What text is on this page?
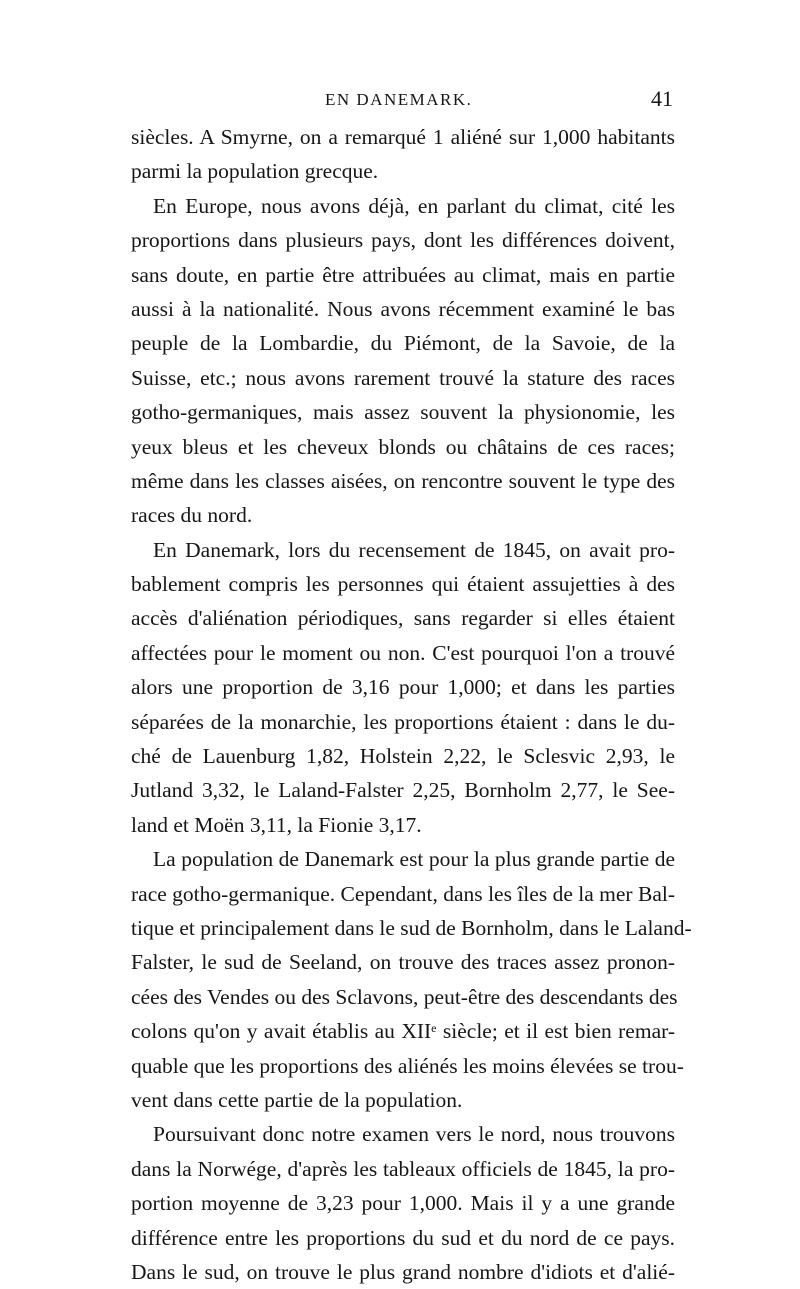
EN DANEMARK.	41
siècles. A Smyrne, on a remarqué 1 aliéné sur 1,000 habitants
parmi la population grecque.
En Europe, nous avons déjà, en parlant du climat, cité les
proportions dans plusieurs pays, dont les différences doivent,
sans doute, en partie être attribuées au climat, mais en partie
aussi à la nationalité. Nous avons récemment examiné le bas
peuple de la Lombardie, du Piémont, de la Savoie, de la
Suisse, etc.; nous avons rarement trouvé la stature des races
gotho-germaniques, mais assez souvent la physionomie, les
yeux bleus et les cheveux blonds ou châtains de ces races;
même dans les classes aisées, on rencontre souvent le type des
races du nord.
En Danemark, lors du recensement de 1845, on avait pro-
bablement compris les personnes qui étaient assujetties à des
accès d'aliénation périodiques, sans regarder si elles étaient
affectées pour le moment ou non. C'est pourquoi l'on a trouvé
alors une proportion de 3,16 pour 1,000; et dans les parties
séparées de la monarchie, les proportions étaient : dans le du-
ché de Lauenburg 1,82, Holstein 2,22, le Sclesvic 2,93, le
Jutland 3,32, le Laland-Falster 2,25, Bornholm 2,77, le See-
land et Moën 3,11, la Fionie 3,17.
La population de Danemark est pour la plus grande partie de
race gotho-germanique. Cependant, dans les îles de la mer Bal-
tique et principalement dans le sud de Bornholm, dans le Laland-
Falster, le sud de Seeland, on trouve des traces assez pronon-
cées des Vendes ou des Sclavons, peut-être des descendants des
colons qu'on y avait établis au XIIe siècle; et il est bien remar-
quable que les proportions des aliénés les moins élevées se trou-
vent dans cette partie de la population.
Poursuivant donc notre examen vers le nord, nous trouvons
dans la Norwége, d'après les tableaux officiels de 1845, la pro-
portion moyenne de 3,23 pour 1,000. Mais il y a une grande
différence entre les proportions du sud et du nord de ce pays.
Dans le sud, on trouve le plus grand nombre d'idiots et d'alié-
